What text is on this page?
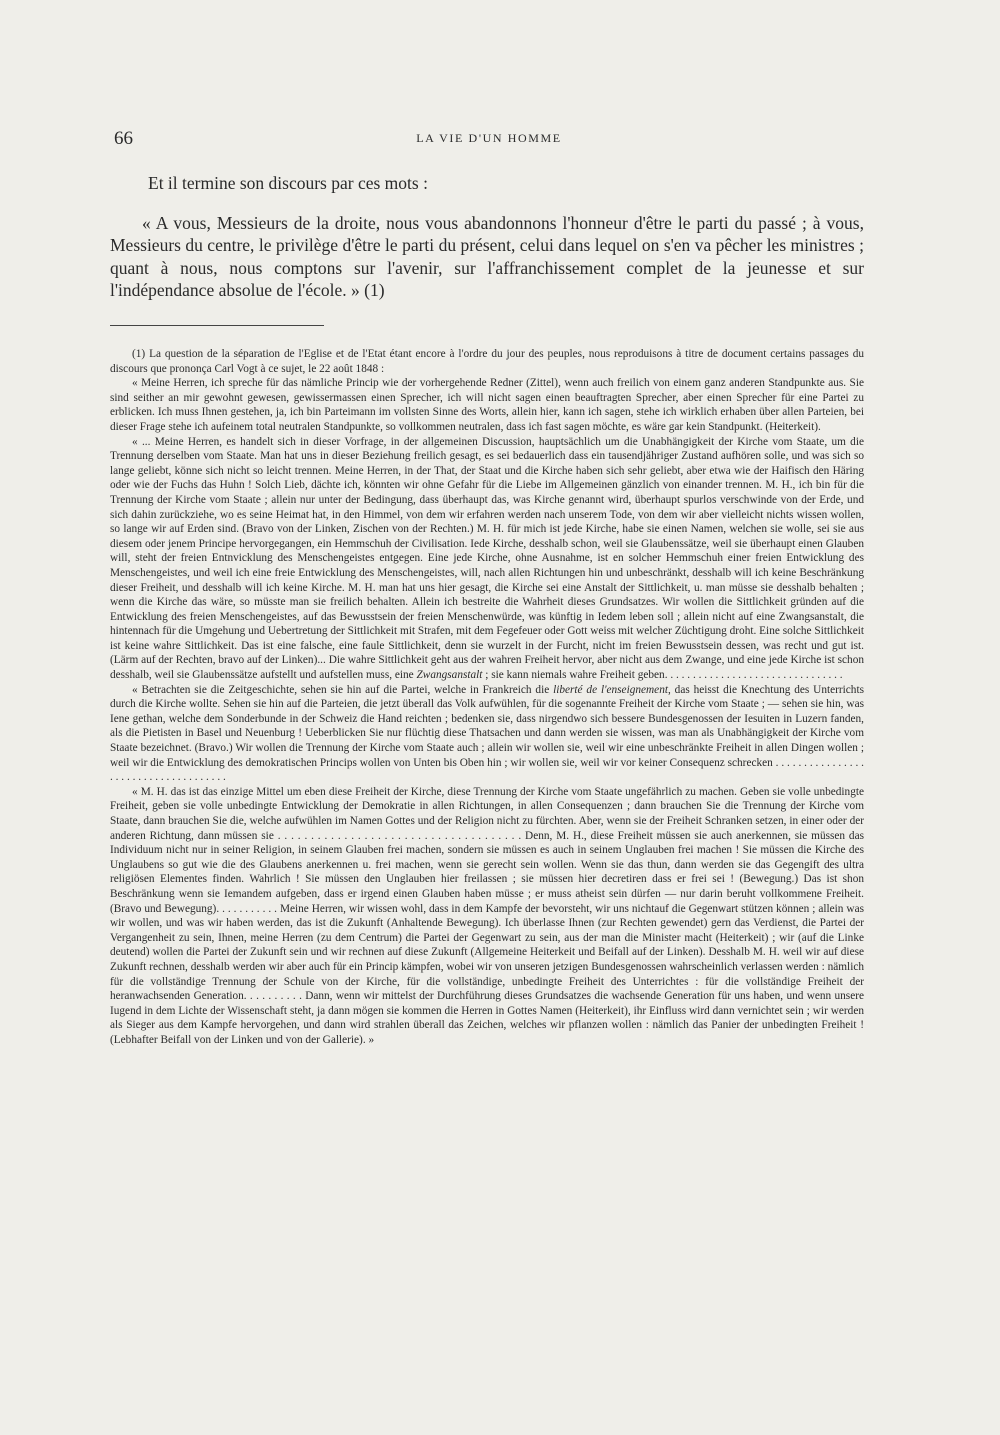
66	LA VIE D'UN HOMME

Et il termine son discours par ces mots :

« A vous, Messieurs de la droite, nous vous abandonnons l'honneur d'être le parti du passé ; à vous, Messieurs du centre, le privilège d'être le parti du présent, celui dans lequel on s'en va pêcher les ministres ; quant à nous, nous comptons sur l'avenir, sur l'affranchissement complet de la jeunesse et sur l'indépendance absolue de l'école. » (1)

(1) La question de la séparation de l'Eglise et de l'Etat étant encore à l'ordre du jour des peuples, nous reproduisons à titre de document certains passages du discours que prononça Carl Vogt à ce sujet, le 22 août 1848 :

« Meine Herren, ich spreche für das nämliche Princip wie der vorhergehende Redner (Zittel), wenn auch freilich von einem ganz anderen Standpunkte aus. Sie sind seither an mir gewohnt gewesen, gewissermassen einen Sprecher, ich will nicht sagen einen beauftragten Sprecher, aber einen Sprecher für eine Partei zu erblicken. Ich muss Ihnen gestehen, ja, ich bin Parteimann im vollsten Sinne des Worts, allein hier, kann ich sagen, stehe ich wirklich erhaben über allen Parteien, bei dieser Frage stehe ich aufeinem total neutralen Standpunkte, so vollkommen neutralen, dass ich fast sagen möchte, es wäre gar kein Standpunkt. (Heiterkeit).

« ... Meine Herren, es handelt sich in dieser Vorfrage, in der allgemeinen Discussion, hauptsächlich um die Unabhängigkeit der Kirche vom Staate, um die Trennung derselben vom Staate. Man hat uns in dieser Beziehung freilich gesagt, es sei bedauerlich dass ein tausendjähriger Zustand aufhören solle, und was sich so lange geliebt, könne sich nicht so leicht trennen. Meine Herren, in der That, der Staat und die Kirche haben sich sehr geliebt, aber etwa wie der Haifisch den Häring oder wie der Fuchs das Huhn ! Solch Lieb, dächte ich, könnten wir ohne Gefahr für die Liebe im Allgemeinen gänzlich von einander trennen. M. H., ich bin für die Trennung der Kirche vom Staate ; allein nur unter der Bedingung, dass überhaupt das, was Kirche genannt wird, überhaupt spurlos verschwinde von der Erde, und sich dahin zurückziehe, wo es seine Heimat hat, in den Himmel, von dem wir erfahren werden nach unserem Tode, von dem wir aber vielleicht nichts wissen wollen, so lange wir auf Erden sind. (Bravo von der Linken, Zischen von der Rechten.) M. H. für mich ist jede Kirche, habe sie einen Namen, welchen sie wolle, sei sie aus diesem oder jenem Principe hervorgegangen, ein Hemmschuh der Civilisation. Iede Kirche, desshalb schon, weil sie Glaubenssätze, weil sie überhaupt einen Glauben will, steht der freien Entnvicklung des Menschengeistes entgegen. Eine jede Kirche, ohne Ausnahme, ist en solcher Hemmschuh einer freien Entwicklung des Menschengeistes, und weil ich eine freie Entwicklung des Menschengeistes, will, nach allen Richtungen hin und unbeschränkt, desshalb will ich keine Beschränkung dieser Freiheit, und desshalb will ich keine Kirche. M. H. man hat uns hier gesagt, die Kirche sei eine Anstalt der Sittlichkeit, u. man müsse sie desshalb behalten ; wenn die Kirche das wäre, so müsste man sie freilich behalten. Allein ich bestreite die Wahrheit dieses Grundsatzes. Wir wollen die Sittlichkeit gründen auf die Entwicklung des freien Menschengeistes, auf das Bewusstsein der freien Menschenwürde, was künftig in Iedem leben soll ; allein nicht auf eine Zwangsanstalt, die hintennach für die Umgehung und Uebertretung der Sittlichkeit mit Strafen, mit dem Fegefeuer oder Gott weiss mit welcher Züchtigung droht. Eine solche Sittlichkeit ist keine wahre Sittlichkeit. Das ist eine falsche, eine faule Sittlichkeit, denn sie wurzelt in der Furcht, nicht im freien Bewusstsein dessen, was recht und gut ist. (Lärm auf der Rechten, bravo auf der Linken)... Die wahre Sittlichkeit geht aus der wahren Freiheit hervor, aber nicht aus dem Zwange, und eine jede Kirche ist schon desshalb, weil sie Glaubenssätze aufstellt und aufstellen muss, eine Zwangsanstalt ; sie kann niemals wahre Freiheit geben. . . . . . . . . . . . . . . . . . . . . . . . . . . . . . . .

« Betrachten sie die Zeitgeschichte, sehen sie hin auf die Partei, welche in Frankreich die liberté de l'enseignement, das heisst die Knechtung des Unterrichts durch die Kirche wollte. Sehen sie hin auf die Parteien, die jetzt überall das Volk aufwühlen, für die sogenannte Freiheit der Kirche vom Staate ; — sehen sie hin, was Iene gethan, welche dem Sonderbunde in der Schweiz die Hand reichten ; bedenken sie, dass nirgendwo sich bessere Bundesgenossen der Iesuiten in Luzern fanden, als die Pietisten in Basel und Neuenburg ! Ueberblicken Sie nur flüchtig diese Thatsachen und dann werden sie wissen, was man als Unabhängigkeit der Kirche vom Staate bezeichnet. (Bravo.) Wir wollen die Trennung der Kirche vom Staate auch ; allein wir wollen sie, weil wir eine unbeschränkte Freiheit in allen Dingen wollen ; weil wir die Entwicklung des demokratischen Princips wollen von Unten bis Oben hin ; wir wollen sie, weil wir vor keiner Consequenz schrecken . . . . . . . . . . . . . . . . . . . . . . . . . . . . . . . . . . . . .

« M. H. das ist das einzige Mittel um eben diese Freiheit der Kirche, diese Trennung der Kirche vom Staate ungefährlich zu machen. Geben sie volle unbedingte Freiheit, geben sie volle unbedingte Entwicklung der Demokratie in allen Richtungen, in allen Consequenzen ; dann brauchen Sie die Trennung der Kirche vom Staate, dann brauchen Sie die, welche aufwühlen im Namen Gottes und der Religion nicht zu fürchten. Aber, wenn sie der Freiheit Schranken setzen, in einer oder der anderen Richtung, dann müssen sie . . . . . . . . . . . . . . . . . . . . . . . . . . . . . . . . . . . . . Denn, M. H., diese Freiheit müssen sie auch anerkennen, sie müssen das Individuum nicht nur in seiner Religion, in seinem Glauben frei machen, sondern sie müssen es auch in seinem Unglauben frei machen ! Sie müssen die Kirche des Unglaubens so gut wie die des Glaubens anerkennen u. frei machen, wenn sie gerecht sein wollen. Wenn sie das thun, dann werden sie das Gegengift des ultra religiösen Elementes finden. Wahrlich ! Sie müssen den Unglauben hier freilassen ; sie müssen hier decretiren dass er frei sei ! (Bewegung.) Das ist shon Beschränkung wenn sie Iemandem aufgeben, dass er irgend einen Glauben haben müsse ; er muss atheist sein dürfen — nur darin beruht vollkommene Freiheit. (Bravo und Bewegung). . . . . . . . . . . Meine Herren, wir wissen wohl, dass in dem Kampfe der bevorsteht, wir uns nichtauf die Gegenwart stützen können ; allein was wir wollen, und was wir haben werden, das ist die Zukunft (Anhaltende Bewegung). Ich überlasse Ihnen (zur Rechten gewendet) gern das Verdienst, die Partei der Vergangenheit zu sein, Ihnen, meine Herren (zu dem Centrum) die Partei der Gegenwart zu sein, aus der man die Minister macht (Heiterkeit) ; wir (auf die Linke deutend) wollen die Partei der Zukunft sein und wir rechnen auf diese Zukunft (Allgemeine Heiterkeit und Beifall auf der Linken). Desshalb M. H. weil wir auf diese Zukunft rechnen, desshalb werden wir aber auch für ein Princip kämpfen, wobei wir von unseren jetzigen Bundesgenossen wahrscheinlich verlassen werden : nämlich für die vollständige Trennung der Schule von der Kirche, für die vollständige, unbedingte Freiheit des Unterrichtes : für die vollständige Freiheit der heranwachsenden Generation. . . . . . . . . . Dann, wenn wir mittelst der Durchführung dieses Grundsatzes die wachsende Generation für uns haben, und wenn unsere Iugend in dem Lichte der Wissenschaft steht, ja dann mögen sie kommen die Herren in Gottes Namen (Heiterkeit), ihr Einfluss wird dann vernichtet sein ; wir werden als Sieger aus dem Kampfe hervorgehen, und dann wird strahlen überall das Zeichen, welches wir pflanzen wollen : nämlich das Panier der unbedingten Freiheit ! (Lebhafter Beifall von der Linken und von der Gallerie). »
